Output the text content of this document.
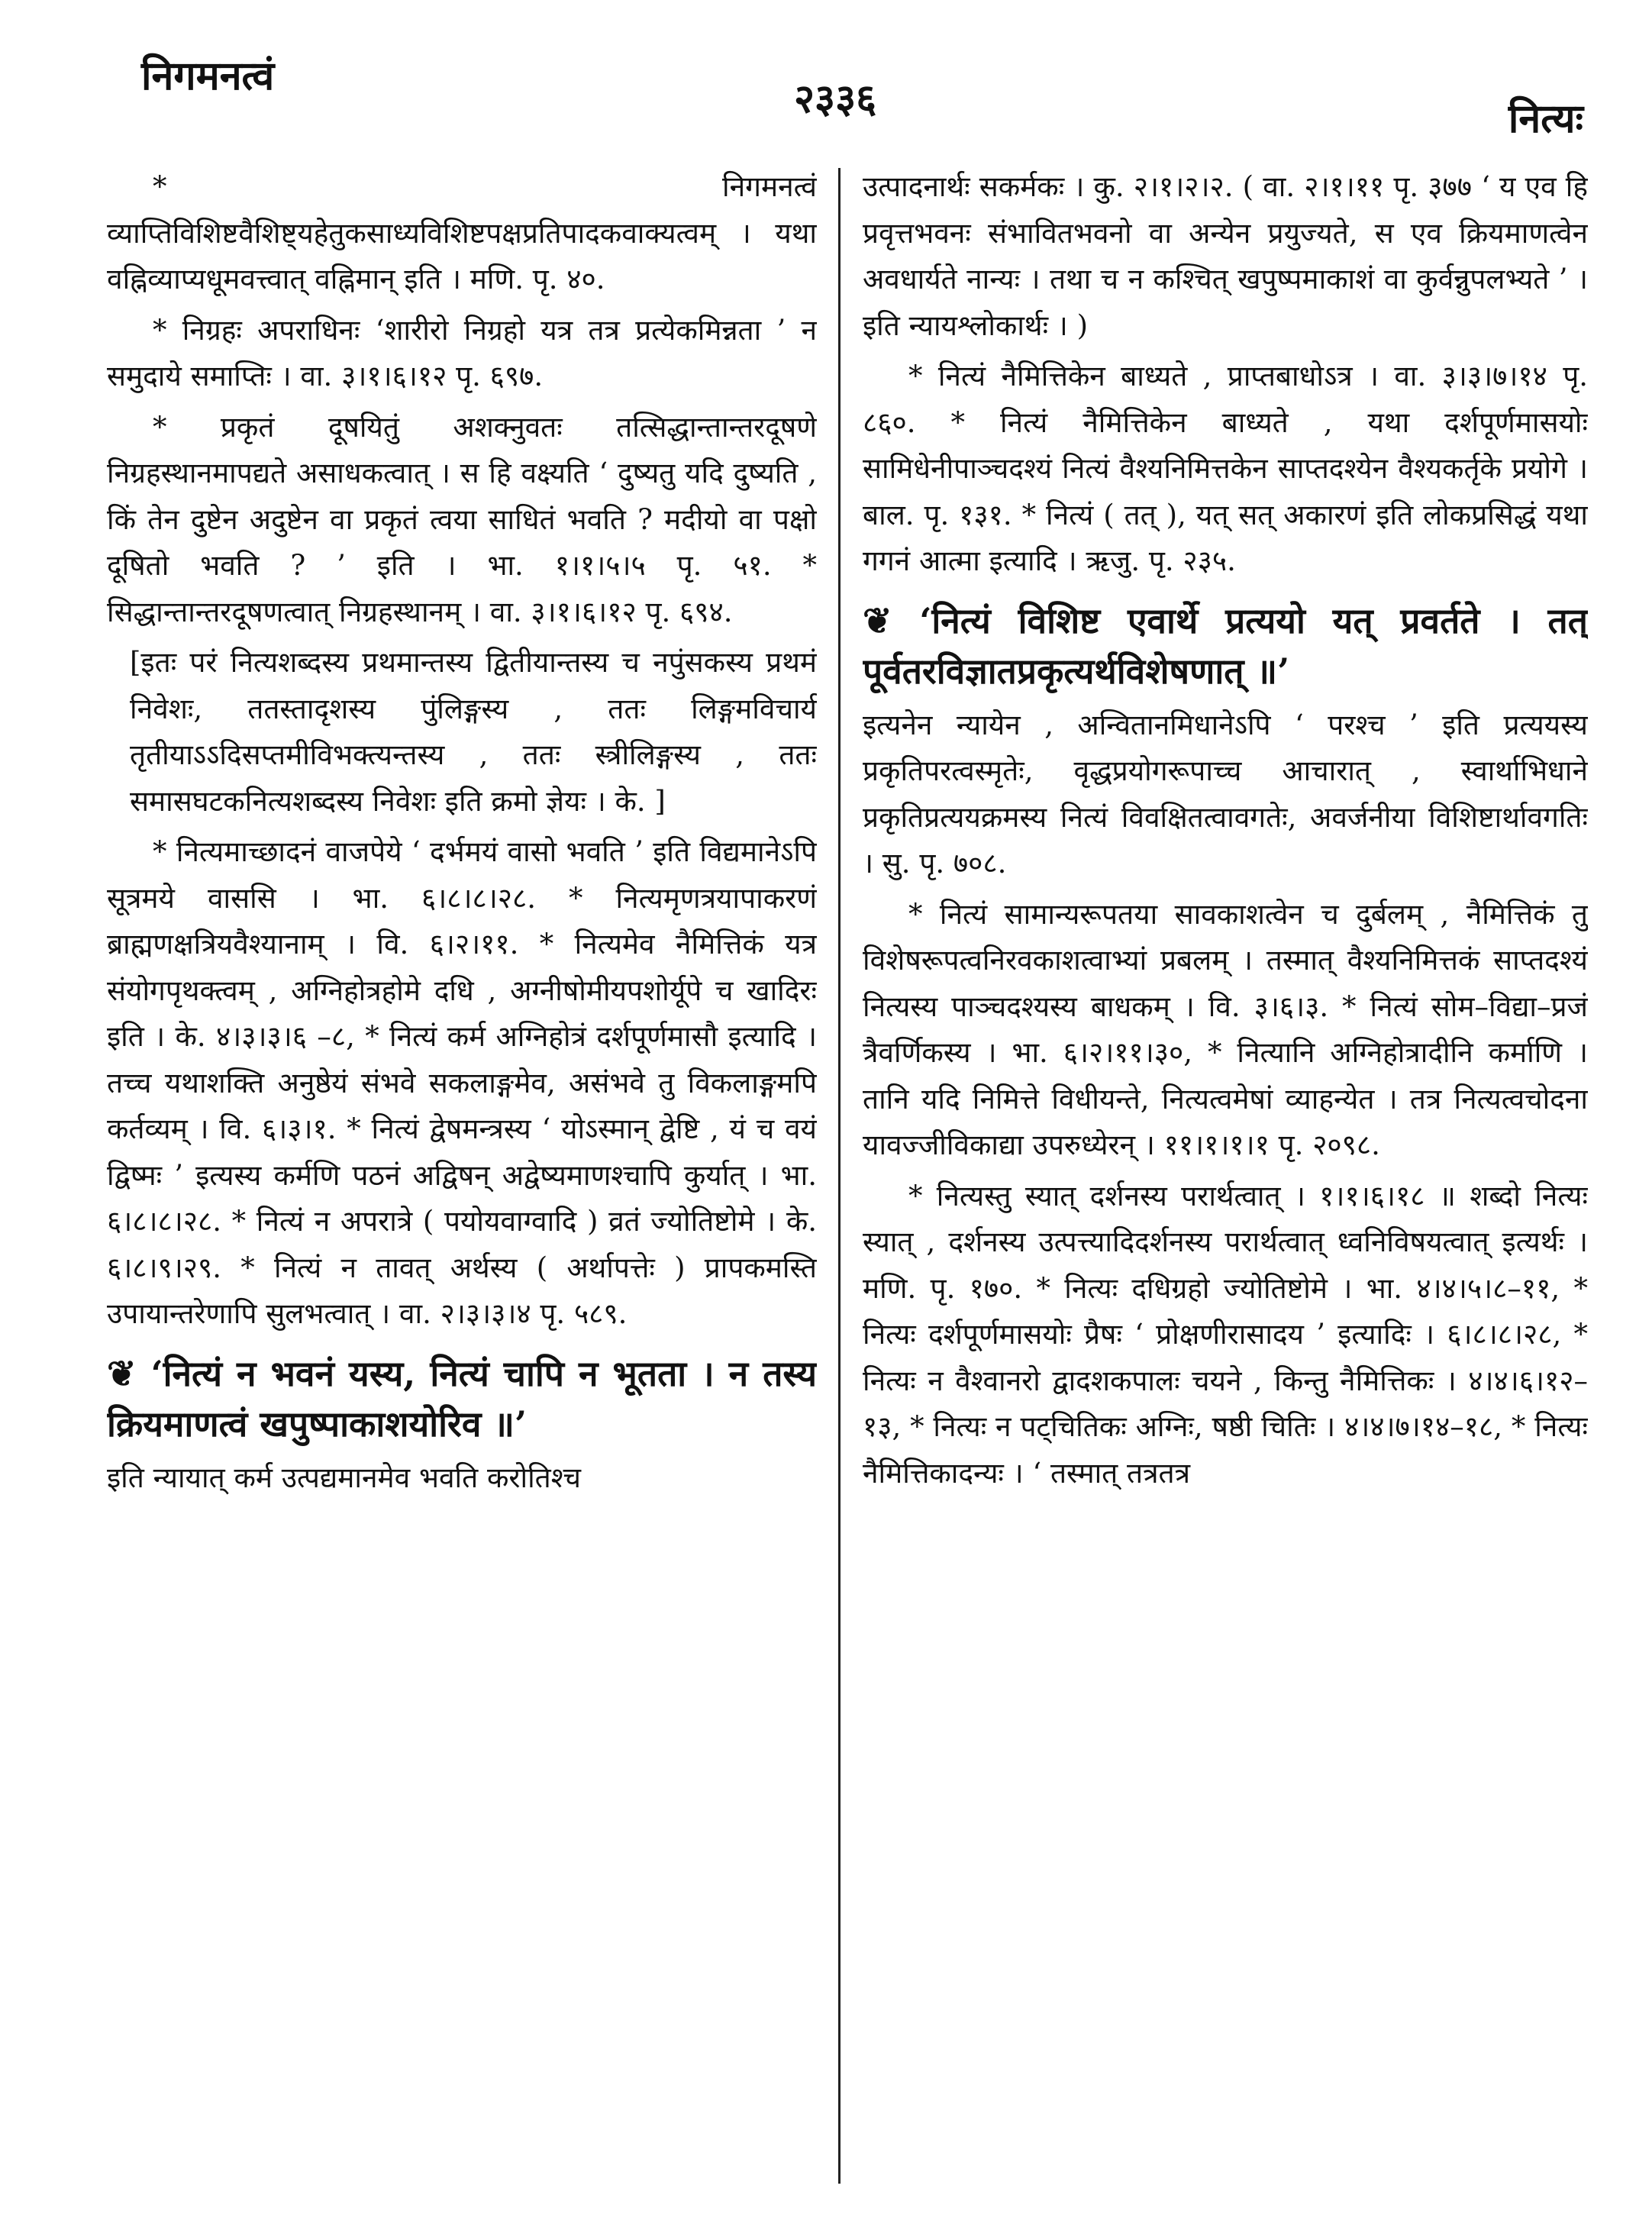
निगमनत्वं	२३३६	नित्यः

* निगमनत्वं व्याप्तिविशिष्टवैशिष्ट्यहेतुकसाध्यविशिष्टपक्षप्रतिपादकवाक्यत्वम् । यथा वह्निव्याप्यधूमवत्त्वात् वह्निमान् इति । मणि. पृ. ४०.

* निग्रहः अपराधिनः ‘शारीरो निग्रहो यत्र तत्र प्रत्येकमिन्नता ’ न समुदाये समाप्तिः । वा. ३।१।६।१२ पृ. ६९७.

* प्रकृतं दूषयितुं अशक्नुवतः तत्सिद्धान्तान्तरदूषणे निग्रहस्थानमापद्यते असाधकत्वात् । स हि वक्ष्यति ‘ दुष्यतु यदि दुष्यति , किं तेन दुष्टेन अदुष्टेन वा प्रकृतं त्वया साधितं भवति ? मदीयो वा पक्षो दूषितो भवति ? ’ इति । भा. १।१।५।५ पृ. ५१. * सिद्धान्तान्तरदूषणत्वात् निग्रहस्थानम् । वा. ३।१।६।१२ पृ. ६९४.

[इतः परं नित्यशब्दस्य प्रथमान्तस्य द्वितीयान्तस्य च नपुंसकस्य प्रथमं निवेशः, ततस्तादृशस्य पुंलिङ्गस्य , ततः लिङ्गमविचार्य तृतीयाऽऽदिसप्तमीविभक्त्यन्तस्य , ततः स्त्रीलिङ्गस्य , ततः समासघटकनित्यशब्दस्य निवेशः इति क्रमो ज्ञेयः । के. ]

* नित्यमाच्छादनं वाजपेये ‘ दर्भमयं वासो भवति ’ इति विद्यमानेऽपि सूत्रमये वाससि । भा. ६।८।८।२८. * नित्यमृणत्रयापाकरणं ब्राह्मणक्षत्रियवैश्यानाम् । वि. ६।२।११. * नित्यमेव नैमित्तिकं यत्र संयोगपृथक्त्वम् , अग्निहोत्रहोमे दधि , अग्नीषोमीयपशोर्यूपे च खादिरः इति । के. ४।३।३।६ –८, * नित्यं कर्म अग्निहोत्रं दर्शपूर्णमासौ इत्यादि । तच्च यथाशक्ति अनुष्ठेयं संभवे सकलाङ्गमेव, असंभवे तु विकलाङ्गमपि कर्तव्यम् । वि. ६।३।१. * नित्यं द्वेषमन्त्रस्य ‘ योऽस्मान् द्वेष्टि , यं च वयं द्विष्मः ’ इत्यस्य कर्मणि पठनं अद्विषन् अद्वेष्यमाणश्चापि कुर्यात् । भा. ६।८।८।२८. * नित्यं न अपरात्रे ( पयोयवाग्वादि ) व्रतं ज्योतिष्टोमे । के. ६।८।९।२९. * नित्यं न तावत् अर्थस्य ( अर्थापत्तेः ) प्रापकमस्ति उपायान्तरेणापि सुलभत्वात् । वा. २।३।३।४ पृ. ५८९.

❦ ‘नित्यं न भवनं यस्य, नित्यं चापि न भूतता । न तस्य क्रियमाणत्वं खपुष्पाकाशयोरिव ॥’

इति न्यायात् कर्म उत्पद्यमानमेव भवति करोतिश्च

उत्पादनार्थः सकर्मकः । कु. २।१।२।२. ( वा. २।१।११ पृ. ३७७ ‘ य एव हि प्रवृत्तभवनः संभावितभवनो वा अन्येन प्रयुज्यते, स एव क्रियमाणत्वेन अवधार्यते नान्यः । तथा च न कश्चित् खपुष्पमाकाशं वा कुर्वन्नुपलभ्यते ’ । इति न्यायश्लोकार्थः । )

* नित्यं नैमित्तिकेन बाध्यते , प्राप्तबाधोऽत्र । वा. ३।३।७।१४ पृ. ८६०. * नित्यं नैमित्तिकेन बाध्यते , यथा दर्शपूर्णमासयोः सामिधेनीपाञ्चदश्यं नित्यं वैश्यनिमित्तकेन साप्तदश्येन वैश्यकर्तृके प्रयोगे । बाल. पृ. १३१. * नित्यं ( तत् ), यत् सत् अकारणं इति लोकप्रसिद्धं यथा गगनं आत्मा इत्यादि । ऋजु. पृ. २३५.

❦ ‘नित्यं विशिष्ट एवार्थे प्रत्ययो यत् प्रवर्तते । तत् पूर्वतरविज्ञातप्रकृत्यर्थविशेषणात् ॥’

इत्यनेन न्यायेन , अन्वितानमिधानेऽपि ‘ परश्च ’ इति प्रत्ययस्य प्रकृतिपरत्वस्मृतेः, वृद्धप्रयोगरूपाच्च आचारात् , स्वार्थाभिधाने प्रकृतिप्रत्ययक्रमस्य नित्यं विवक्षितत्वावगतेः, अवर्जनीया विशिष्टार्थावगतिः । सु. पृ. ७०८.

* नित्यं सामान्यरूपतया सावकाशत्वेन च दुर्बलम् , नैमित्तिकं तु विशेषरूपत्वनिरवकाशत्वाभ्यां प्रबलम् । तस्मात् वैश्यनिमित्तकं साप्तदश्यं नित्यस्य पाञ्चदश्यस्य बाधकम् । वि. ३।६।३. * नित्यं सोम–विद्या–प्रजं त्रैवर्णिकस्य । भा. ६।२।११।३०, * नित्यानि अग्निहोत्रादीनि कर्माणि । तानि यदि निमित्ते विधीयन्ते, नित्यत्वमेषां व्याहन्येत । तत्र नित्यत्वचोदना यावज्जीविकाद्या उपरुध्येरन् । ११।१।१।१ पृ. २०९८.

* नित्यस्तु स्यात् दर्शनस्य परार्थत्वात् । १।१।६।१८ ॥ शब्दो नित्यः स्यात् , दर्शनस्य उत्पत्त्यादिदर्शनस्य परार्थत्वात् ध्वनिविषयत्वात् इत्यर्थः । मणि. पृ. १७०. * नित्यः दधिग्रहो ज्योतिष्टोमे । भा. ४।४।५।८–११, * नित्यः दर्शपूर्णमासयोः प्रैषः ‘ प्रोक्षणीरासादय ’ इत्यादिः । ६।८।८।२८, * नित्यः न वैश्वानरो द्वादशकपालः चयने , किन्तु नैमित्तिकः । ४।४।६।१२–१३, * नित्यः न पट्चितिकः अग्निः, षष्ठी चितिः । ४।४।७।१४–१८, * नित्यः नैमित्तिकादन्यः । ‘ तस्मात् तत्रतत्र
